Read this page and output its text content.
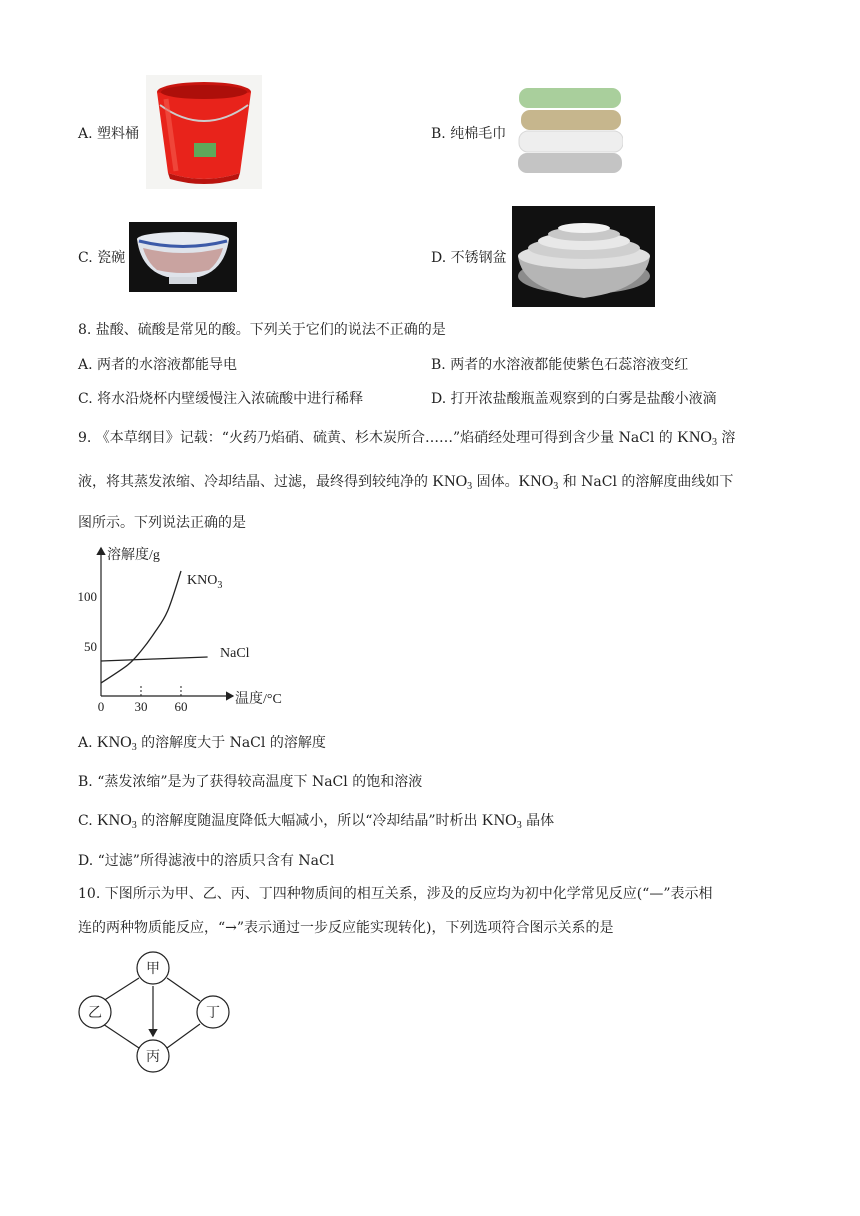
A. 塑料桶	B. 纯棉毛巾
C. 瓷碗	D. 不锈钢盆
8. 盐酸、硫酸是常见的酸。下列关于它们的说法不正确的是
A. 两者的水溶液都能导电	B. 两者的水溶液都能使紫色石蕊溶液变红
C. 将水沿烧杯内壁缓慢注入浓硫酸中进行稀释	D. 打开浓盐酸瓶盖观察到的白雾是盐酸小液滴
9. 《本草纲目》记载：“火药乃焰硝、硫黄、杉木炭所合……”焰硝经处理可得到含少量 NaCl 的 $KNO_3$ 溶
液，将其蒸发浓缩、冷却结晶、过滤，最终得到较纯净的 $KNO_3$ 固体。$KNO_3$ 和 NaCl 的溶解度曲线如下
图所示。下列说法正确的是
溶解度/g
温度/°C
0 30 60
100
50
$KNO_3$
NaCl
A. $KNO_3$ 的溶解度大于 NaCl 的溶解度
B. “蒸发浓缩”是为了获得较高温度下 NaCl 的饱和溶液
C. $KNO_3$ 的溶解度随温度降低大幅减小，所以“冷却结晶”时析出 $KNO_3$ 晶体
D. “过滤”所得滤液中的溶质只含有 NaCl
10. 下图所示为甲、乙、丙、丁四种物质间的相互关系，涉及的反应均为初中化学常见反应(“—”表示相
连的两种物质能反应，“→”表示通过一步反应能实现转化)，下列选项符合图示关系的是
甲
乙	丁
丙
